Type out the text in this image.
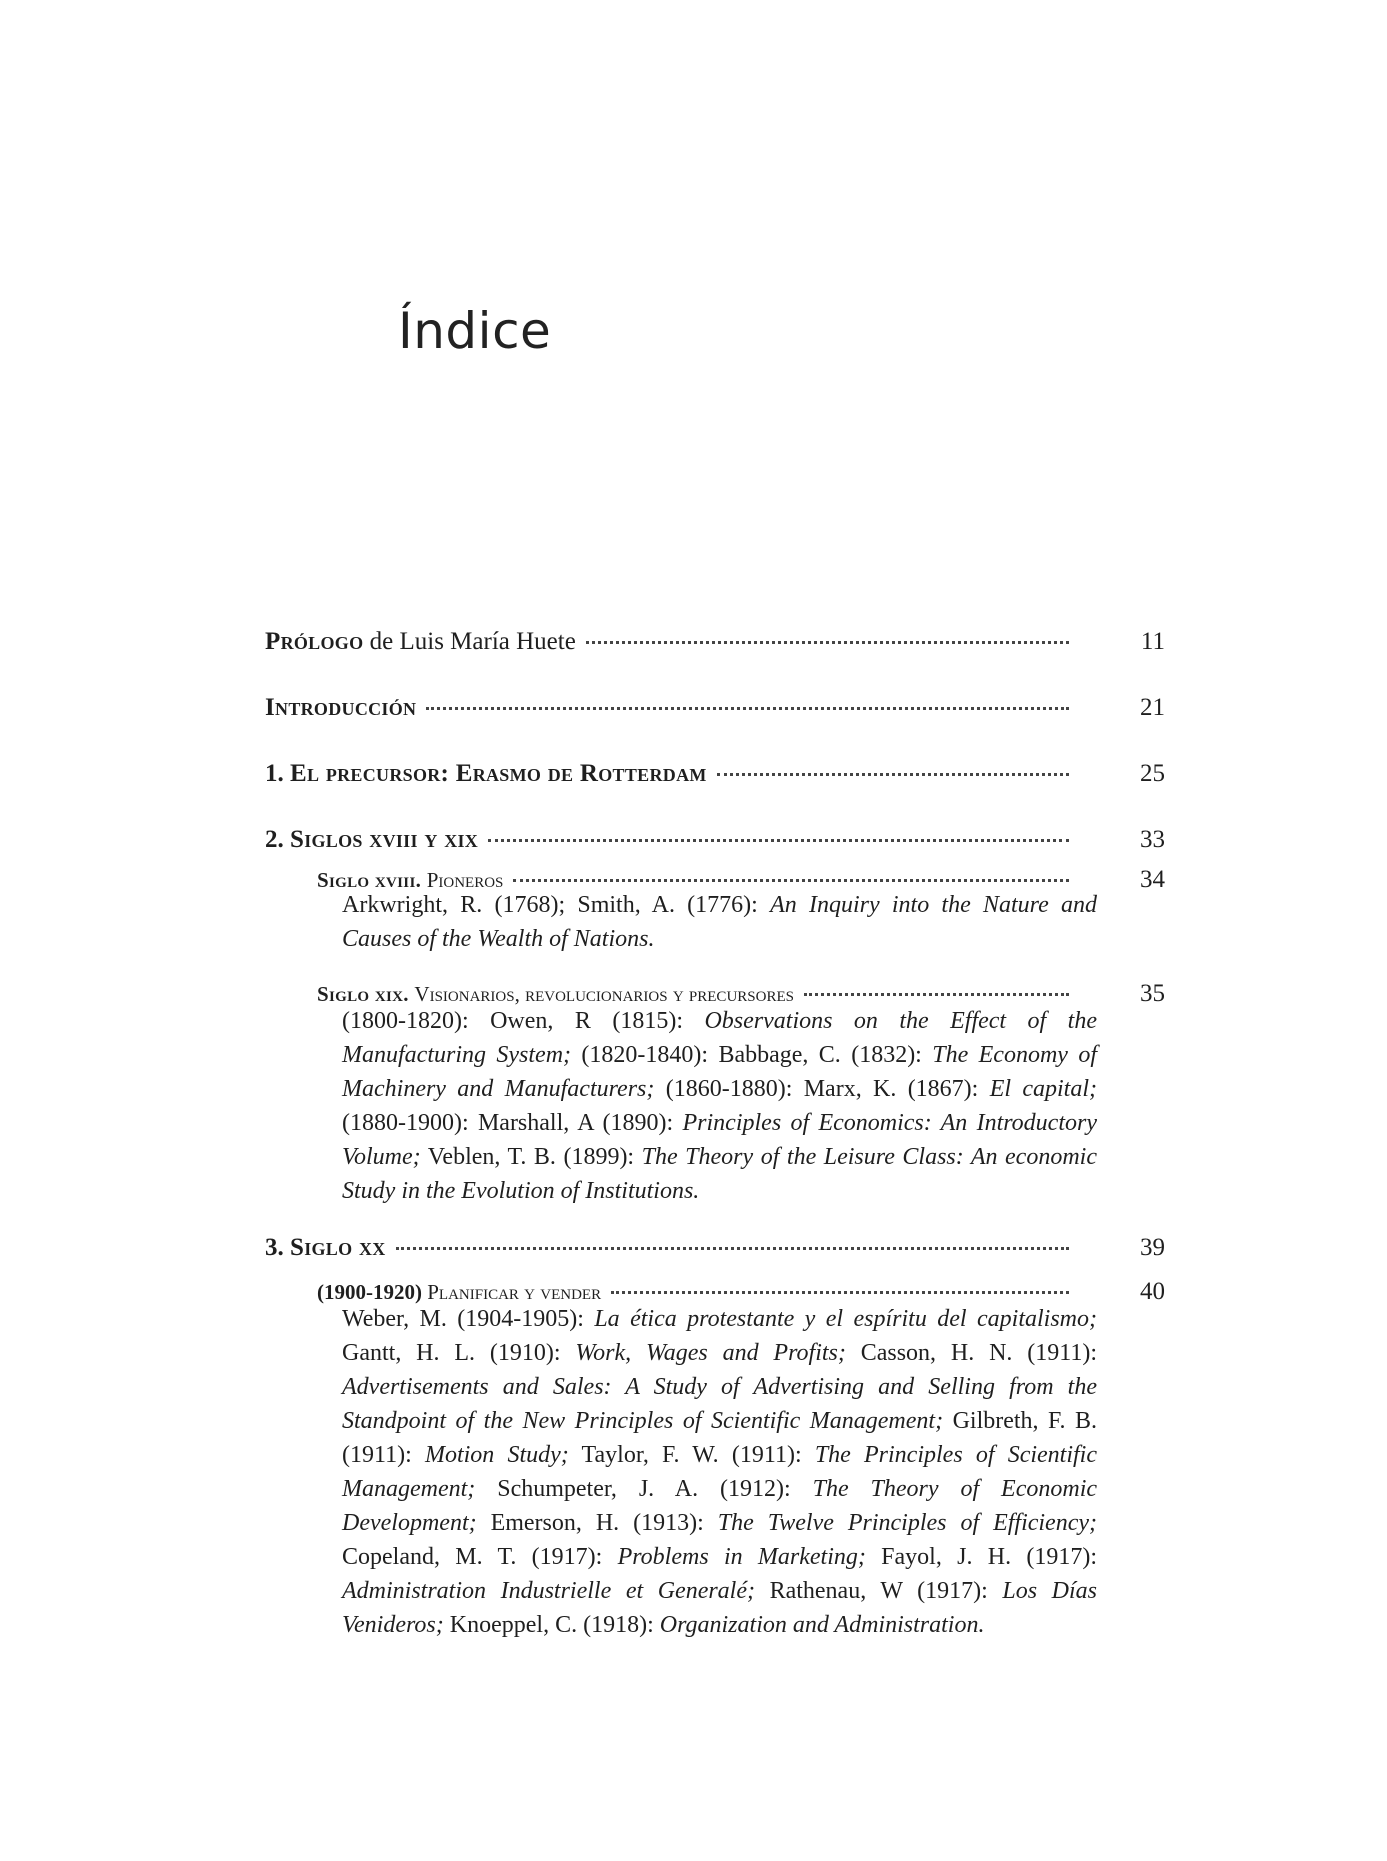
Índice
Prólogo de Luis María Huete	11
Introducción	21
1. El precursor: Erasmo de Rotterdam	25
2. Siglos xviii y xix	33
Siglo xviii. Pioneros	34
Arkwright, R. (1768); Smith, A. (1776): An Inquiry into the Nature and Causes of the Wealth of Nations.
Siglo xix. Visionarios, revolucionarios y precursores	35
(1800-1820): Owen, R (1815): Observations on the Effect of the Manufacturing System; (1820-1840): Babbage, C. (1832): The Economy of Machinery and Manufacturers; (1860-1880): Marx, K. (1867): El capital; (1880-1900): Marshall, A (1890): Principles of Economics: An Introductory Volume; Veblen, T. B. (1899): The Theory of the Leisure Class: An economic Study in the Evolution of Institutions.
3. Siglo xx	39
(1900-1920) Planificar y vender	40
Weber, M. (1904-1905): La ética protestante y el espíritu del capitalismo; Gantt, H. L. (1910): Work, Wages and Profits; Casson, H. N. (1911): Advertisements and Sales: A Study of Advertising and Selling from the Standpoint of the New Principles of Scientific Management; Gilbreth, F. B. (1911): Motion Study; Taylor, F. W. (1911): The Principles of Scientific Management; Schumpeter, J. A. (1912): The Theory of Economic Development; Emerson, H. (1913): The Twelve Principles of Efficiency; Copeland, M. T. (1917): Problems in Marketing; Fayol, J. H. (1917): Administration Industrielle et Generalé; Rathenau, W (1917): Los Días Venideros; Knoeppel, C. (1918): Organization and Administration.
